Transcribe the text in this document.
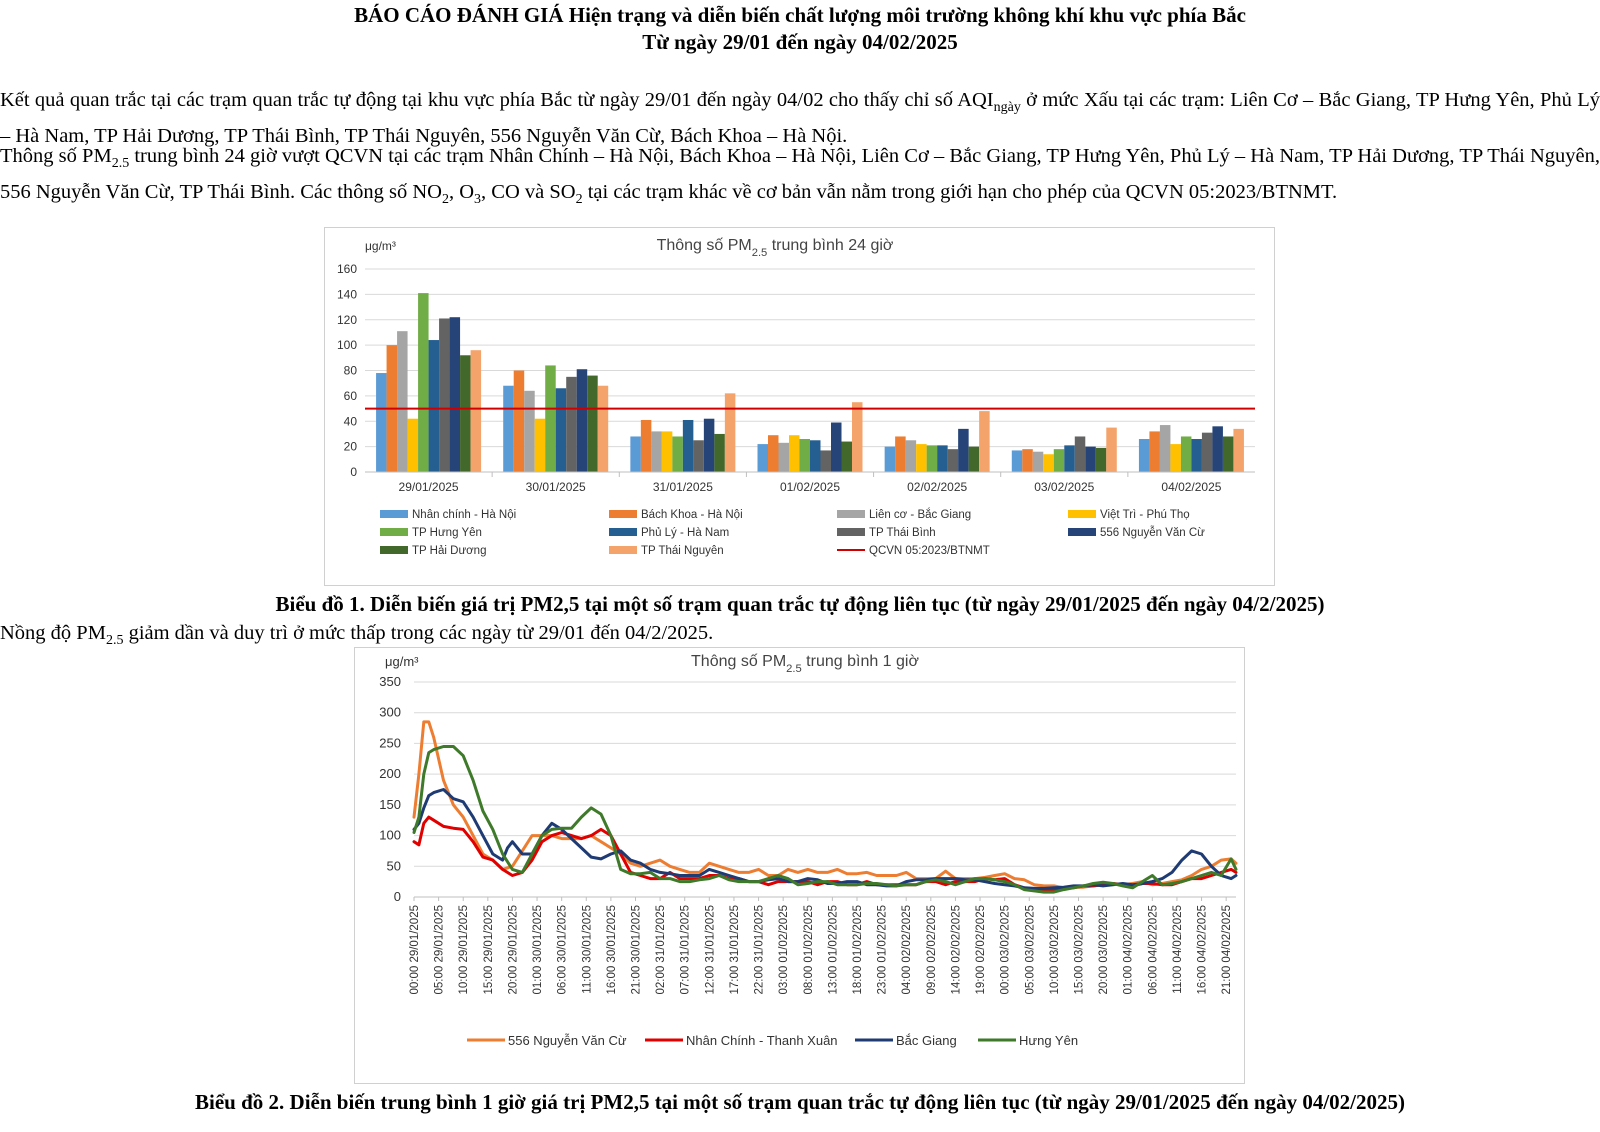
BÁO CÁO ĐÁNH GIÁ Hiện trạng và diễn biến chất lượng môi trường không khí khu vực phía Bắc
Từ ngày 29/01 đến ngày 04/02/2025
Kết quả quan trắc tại các trạm quan trắc tự động tại khu vực phía Bắc từ ngày 29/01 đến ngày 04/02 cho thấy chỉ số $AQI_{ngày}$ ở mức Xấu tại các trạm: Liên Cơ – Bắc Giang, TP Hưng Yên, Phủ Lý – Hà Nam, TP Hải Dương, TP Thái Bình, TP Thái Nguyên, 556 Nguyễn Văn Cừ, Bách Khoa – Hà Nội.
Thông số $PM_{2.5}$ trung bình 24 giờ vượt QCVN tại các trạm Nhân Chính – Hà Nội, Bách Khoa – Hà Nội, Liên Cơ – Bắc Giang, TP Hưng Yên, Phủ Lý – Hà Nam, TP Hải Dương, TP Thái Nguyên, 556 Nguyễn Văn Cừ, TP Thái Bình. Các thông số $NO_2$, $O_3$, CO và $SO_2$ tại các trạm khác về cơ bản vẫn nằm trong giới hạn cho phép của QCVN 05:2023/BTNMT.
Thông số $PM_{2.5}$ trung bình 24 giờ
μg/m³
0
20
40
60
80
100
120
140
160
29/01/2025	30/01/2025	31/01/2025	01/02/2025	02/02/2025	03/02/2025	04/02/2025
Nhân chính - Hà Nội	Bách Khoa - Hà Nội	Liên cơ - Bắc Giang	Việt Trì - Phú Thọ
TP Hưng Yên	Phủ Lý - Hà Nam	TP Thái Bình	556 Nguyễn Văn Cừ
TP Hải Dương	TP Thái Nguyên	QCVN 05:2023/BTNMT
Biểu đồ 1. Diễn biến giá trị PM2,5 tại một số trạm quan trắc tự động liên tục (từ ngày 29/01/2025 đến ngày 04/2/2025)
Nồng độ $PM_{2.5}$ giảm dần và duy trì ở mức thấp trong các ngày từ 29/01 đến 04/2/2025.
Thông số $PM_{2.5}$ trung bình 1 giờ
μg/m³
0
50
100
150
200
250
300
350
00:00 29/01/2025 05:00 29/01/2025 10:00 29/01/2025 15:00 29/01/2025 20:00 29/01/2025 01:00 30/01/2025 06:00 30/01/2025 11:00 30/01/2025 16:00 30/01/2025 21:00 30/01/2025 02:00 31/01/2025 07:00 31/01/2025 12:00 31/01/2025 17:00 31/01/2025 22:00 31/01/2025 03:00 01/02/2025 08:00 01/02/2025 13:00 01/02/2025 18:00 01/02/2025 23:00 01/02/2025 04:00 02/02/2025 09:00 02/02/2025 14:00 02/02/2025 19:00 02/02/2025 00:00 03/02/2025 05:00 03/02/2025 10:00 03/02/2025 15:00 03/02/2025 20:00 03/02/2025 01:00 04/02/2025 06:00 04/02/2025 11:00 04/02/2025 16:00 04/02/2025 21:00 04/02/2025
556 Nguyễn Văn Cừ	Nhân Chính - Thanh Xuân	Bắc Giang	Hưng Yên
Biểu đồ 2. Diễn biến trung bình 1 giờ giá trị PM2,5 tại một số trạm quan trắc tự động liên tục (từ ngày 29/01/2025 đến ngày 04/02/2025)
